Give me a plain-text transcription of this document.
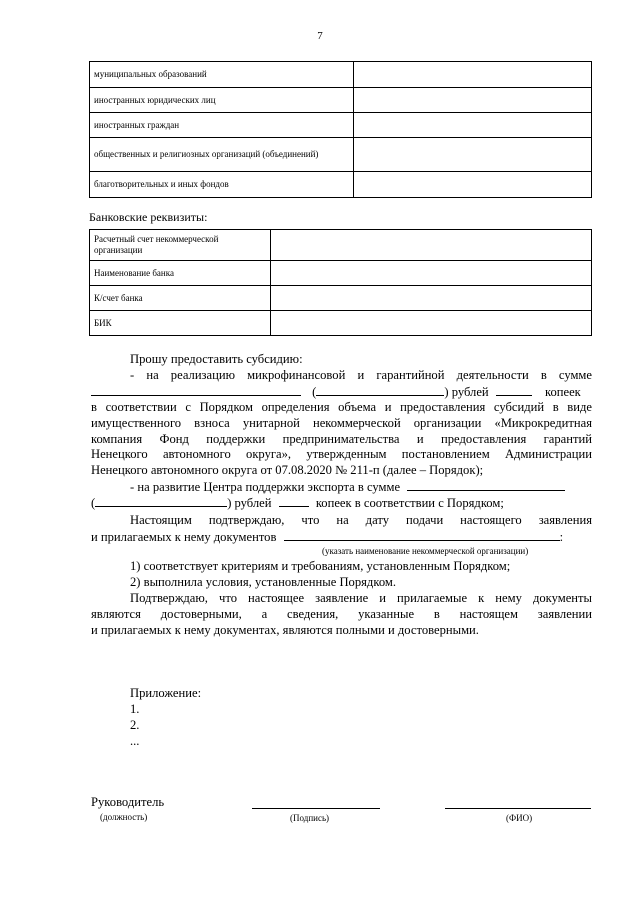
7
муниципальных образований	
иностранных юридических лиц	
иностранных граждан	
общественных и религиозных организаций (объединений)	
благотворительных и иных фондов	
Банковские реквизиты:
Расчетный счет некоммерческой организации	
Наименование банка	
К/счет банка	
БИК	
Прошу предоставить субсидию:
- на реализацию микрофинансовой и гарантийной деятельности в сумме
(	) рублей	копеек
в соответствии с Порядком определения объема и предоставления субсидий в виде
имущественного взноса унитарной некоммерческой организации «Микрокредитная
компания Фонд поддержки предпринимательства и предоставления гарантий
Ненецкого автономного округа», утвержденным постановлением Администрации
Ненецкого автономного округа от 07.08.2020 № 211-п (далее – Порядок);
- на развитие Центра поддержки экспорта в сумме
(	) рублей	копеек в соответствии с Порядком;
Настоящим подтверждаю, что на дату подачи настоящего заявления
и прилагаемых к нему документов	:
(указать наименование некоммерческой организации)
1) соответствует критериям и требованиям, установленным Порядком;
2) выполнила условия, установленные Порядком.
Подтверждаю, что настоящее заявление и прилагаемые к нему документы
являются достоверными, а сведения, указанные в настоящем заявлении
и прилагаемых к нему документах, являются полными и достоверными.
Приложение:
1.
2.
...
Руководитель
(должность)	(Подпись)	(ФИО)
